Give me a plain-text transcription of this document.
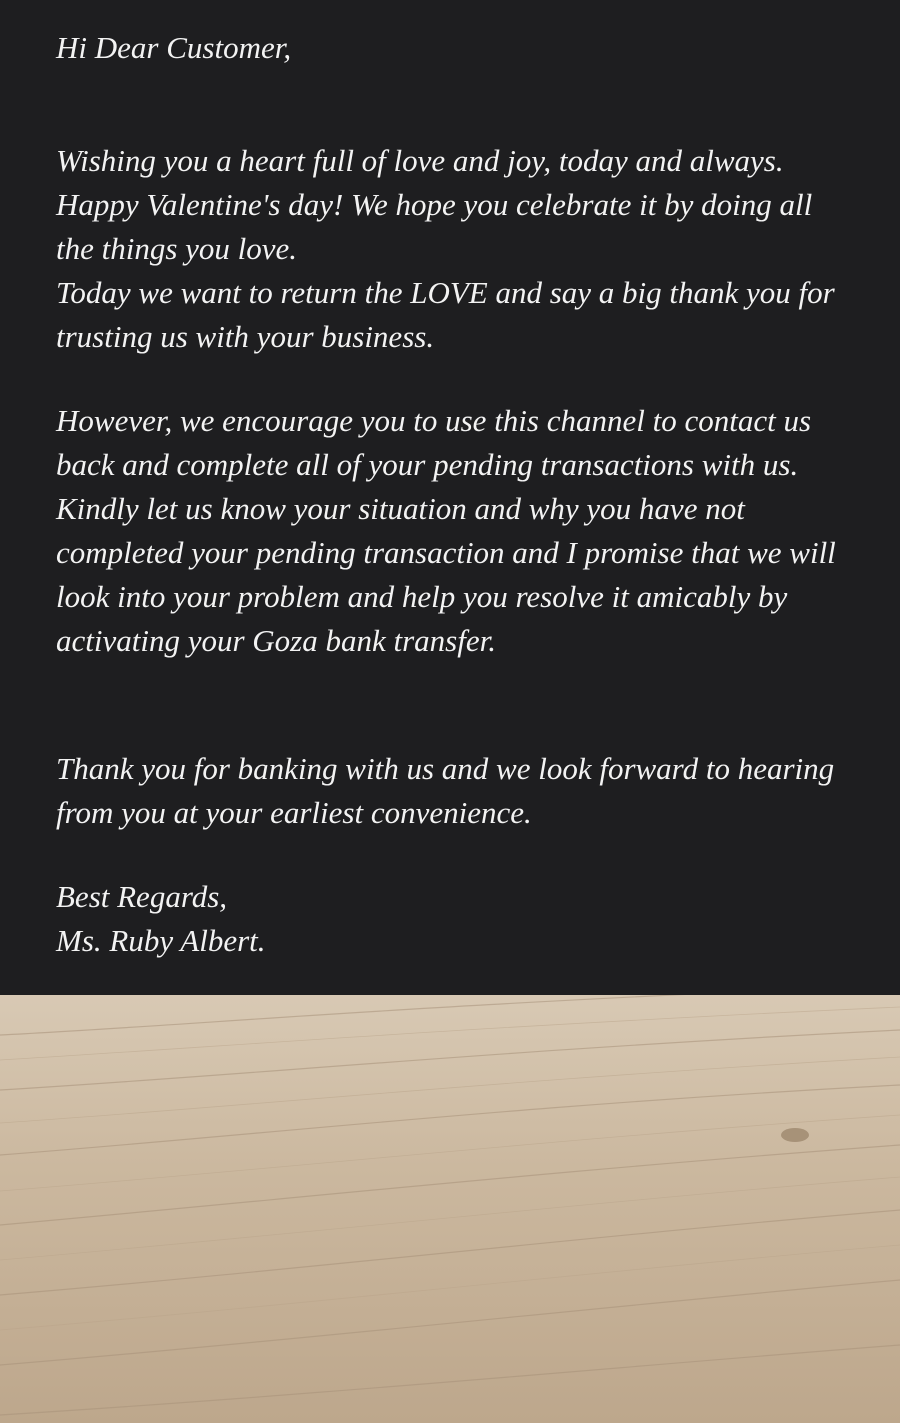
Hi Dear Customer,

Wishing you a heart full of love and joy, today and always. Happy Valentine's day! We hope you celebrate it by doing all the things you love.

Today we want to return the LOVE and say a big thank you for trusting us with your business.

However, we encourage you to use this channel to contact us back and complete all of your pending transactions with us. Kindly let us know your situation and why you have not completed your pending transaction and I promise that we will look into your problem and help you resolve it amicably by activating your Goza bank transfer.

Thank you for banking with us and we look forward to hearing from you at your earliest convenience.

Best Regards,

Ms. Ruby Albert.
